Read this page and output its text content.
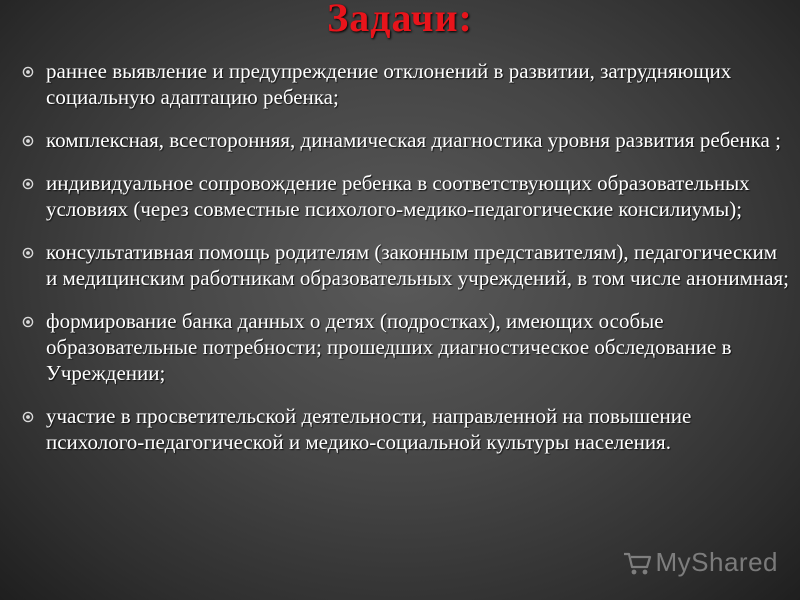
Задачи:
раннее выявление и предупреждение отклонений в развитии, затрудняющих социальную адаптацию ребенка;
комплексная, всесторонняя, динамическая диагностика уровня развития ребенка ;
индивидуальное сопровождение ребенка в соответствующих образовательных условиях (через совместные психолого-медико-педагогические консилиумы);
консультативная помощь родителям (законным представителям), педагогическим и медицинским работникам образовательных учреждений, в том числе анонимная;
формирование банка данных о детях (подростках), имеющих особые образовательные потребности; прошедших диагностическое обследование в Учреждении;
участие в просветительской деятельности, направленной на повышение психолого-педагогической и медико-социальной культуры населения.
MyShared
